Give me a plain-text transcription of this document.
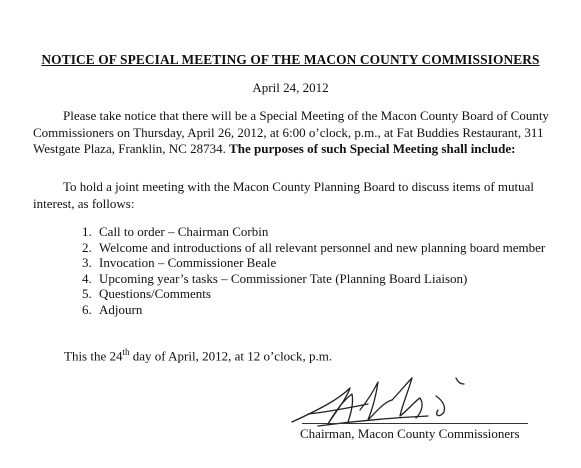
NOTICE OF SPECIAL MEETING OF THE MACON COUNTY COMMISSIONERS
April 24, 2012
Please take notice that there will be a Special Meeting of the Macon County Board of County Commissioners on Thursday, April 26, 2012, at 6:00 o’clock, p.m., at Fat Buddies Restaurant, 311 Westgate Plaza, Franklin, NC 28734. The purposes of such Special Meeting shall include:
To hold a joint meeting with the Macon County Planning Board to discuss items of mutual interest, as follows:
1. Call to order – Chairman Corbin
2. Welcome and introductions of all relevant personnel and new planning board member
3. Invocation – Commissioner Beale
4. Upcoming year’s tasks – Commissioner Tate (Planning Board Liaison)
5. Questions/Comments
6. Adjourn
This the 24th day of April, 2012, at 12 o’clock, p.m.
Chairman, Macon County Commissioners
